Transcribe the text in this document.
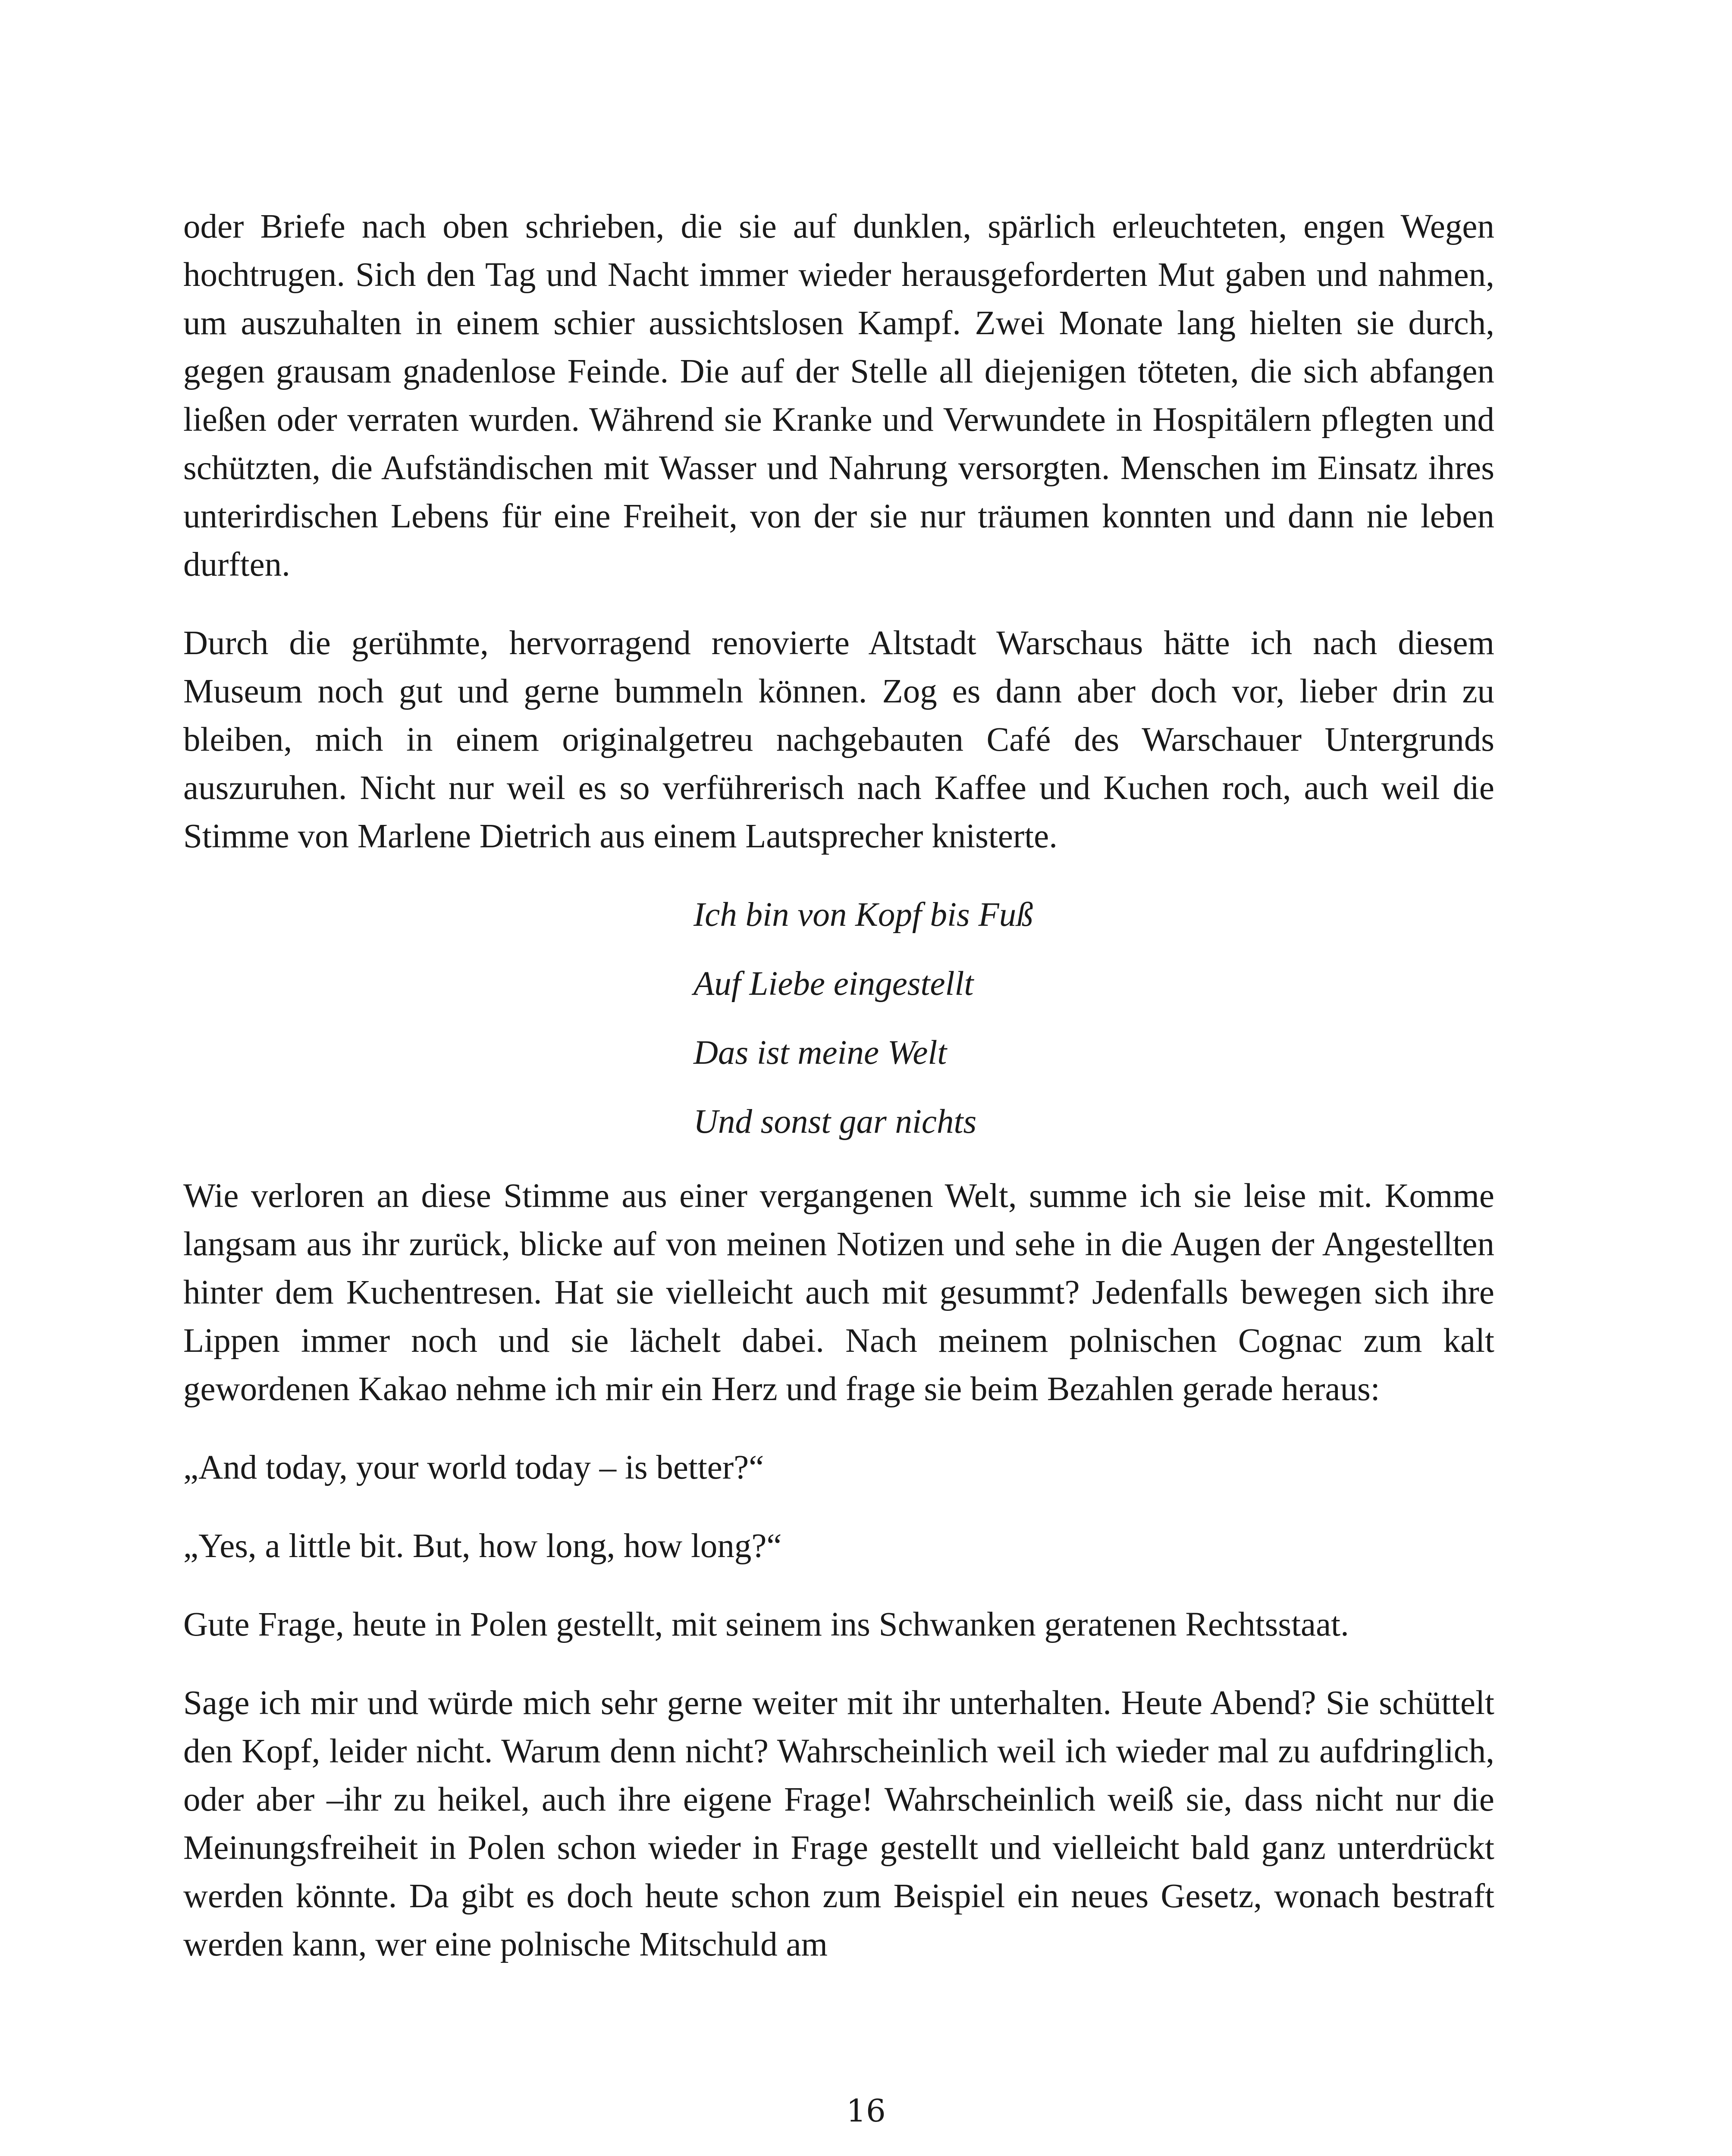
oder Briefe nach oben schrieben, die sie auf dunklen, spärlich erleuchteten, engen Wegen hochtrugen. Sich den Tag und Nacht immer wieder herausgeforderten Mut gaben und nahmen, um auszuhalten in einem schier aussichtslosen Kampf. Zwei Monate lang hielten sie durch, gegen grausam gnadenlose Feinde. Die auf der Stelle all diejenigen töteten, die sich abfangen ließen oder verraten wurden. Während sie Kranke und Verwundete in Hospitälern pflegten und schützten, die Aufständischen mit Wasser und Nahrung versorgten. Menschen im Einsatz ihres unterirdischen Lebens für eine Freiheit, von der sie nur träumen konnten und dann nie leben durften.

Durch die gerühmte, hervorragend renovierte Altstadt Warschaus hätte ich nach diesem Museum noch gut und gerne bummeln können. Zog es dann aber doch vor, lieber drin zu bleiben, mich in einem originalgetreu nachgebauten Café des Warschauer Untergrunds auszuruhen. Nicht nur weil es so verführerisch nach Kaffee und Kuchen roch, auch weil die Stimme von Marlene Dietrich aus einem Lautsprecher knisterte.

Ich bin von Kopf bis Fuß
Auf Liebe eingestellt
Das ist meine Welt
Und sonst gar nichts

Wie verloren an diese Stimme aus einer vergangenen Welt, summe ich sie leise mit. Komme langsam aus ihr zurück, blicke auf von meinen Notizen und sehe in die Augen der Angestellten hinter dem Kuchentresen. Hat sie vielleicht auch mit gesummt? Jedenfalls bewegen sich ihre Lippen immer noch und sie lächelt dabei. Nach meinem polnischen Cognac zum kalt gewordenen Kakao nehme ich mir ein Herz und frage sie beim Bezahlen gerade heraus:

„And today, your world today – is better?“

„Yes, a little bit. But, how long, how long?“

Gute Frage, heute in Polen gestellt, mit seinem ins Schwanken geratenen Rechtsstaat.

Sage ich mir und würde mich sehr gerne weiter mit ihr unterhalten. Heute Abend? Sie schüttelt den Kopf, leider nicht. Warum denn nicht? Wahrscheinlich weil ich wieder mal zu aufdringlich, oder aber –ihr zu heikel, auch ihre eigene Frage! Wahrscheinlich weiß sie, dass nicht nur die Meinungsfreiheit in Polen schon wieder in Frage gestellt und vielleicht bald ganz unterdrückt werden könnte. Da gibt es doch heute schon zum Beispiel ein neues Gesetz, wonach bestraft werden kann, wer eine polnische Mitschuld am

16
